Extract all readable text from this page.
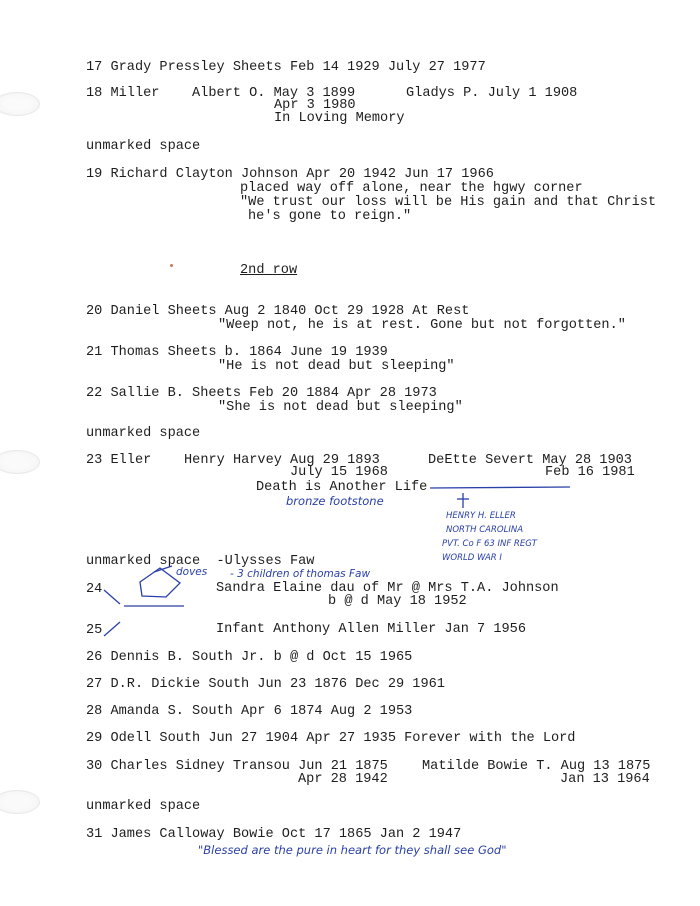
17 Grady Pressley Sheets Feb 14 1929 July 27 1977
18 Miller Albert O. May 3 1899
Apr 3 1980
In Loving Memory
Gladys P. July 1 1908
unmarked space
19 Richard Clayton Johnson Apr 20 1942 Jun 17 1966
placed way off alone, near the hgwy corner
"We trust our loss will be His gain and that Christ
he's gone to reign."
2nd row
20 Daniel Sheets Aug 2 1840 Oct 29 1928 At Rest
"Weep not, he is at rest. Gone but not forgotten."
21 Thomas Sheets b. 1864 June 19 1939
"He is not dead but sleeping"
22 Sallie B. Sheets Feb 20 1884 Apr 28 1973
"She is not dead but sleeping"
unmarked space
23 Eller Henry Harvey Aug 29 1893
July 15 1968
DeEtte Severt May 28 1903
Feb 16 1981
Death is Another Life
unmarked space  -Ulysses Faw
24	Sandra Elaine dau of Mr @ Mrs T.A. Johnson
b @ d May 18 1952
25	Infant Anthony Allen Miller Jan 7 1956
26 Dennis B. South Jr. b @ d Oct 15 1965
27 D.R. Dickie South Jun 23 1876 Dec 29 1961
28 Amanda S. South Apr 6 1874 Aug 2 1953
29 Odell South Jun 27 1904 Apr 27 1935 Forever with the Lord
30 Charles Sidney Transou Jun 21 1875
Apr 28 1942
Matilde Bowie T. Aug 13 1875
Jan 13 1964
unmarked space
31 James Calloway Bowie Oct 17 1865 Jan 2 1947
bronze footstone
HENRY H. ELLER
NORTH CAROLINA
PVT. Co F 63 INF REGT
WORLD WAR I
- 3 children of thomas Faw
doves
"Blessed are the pure in heart for they shall see God"
